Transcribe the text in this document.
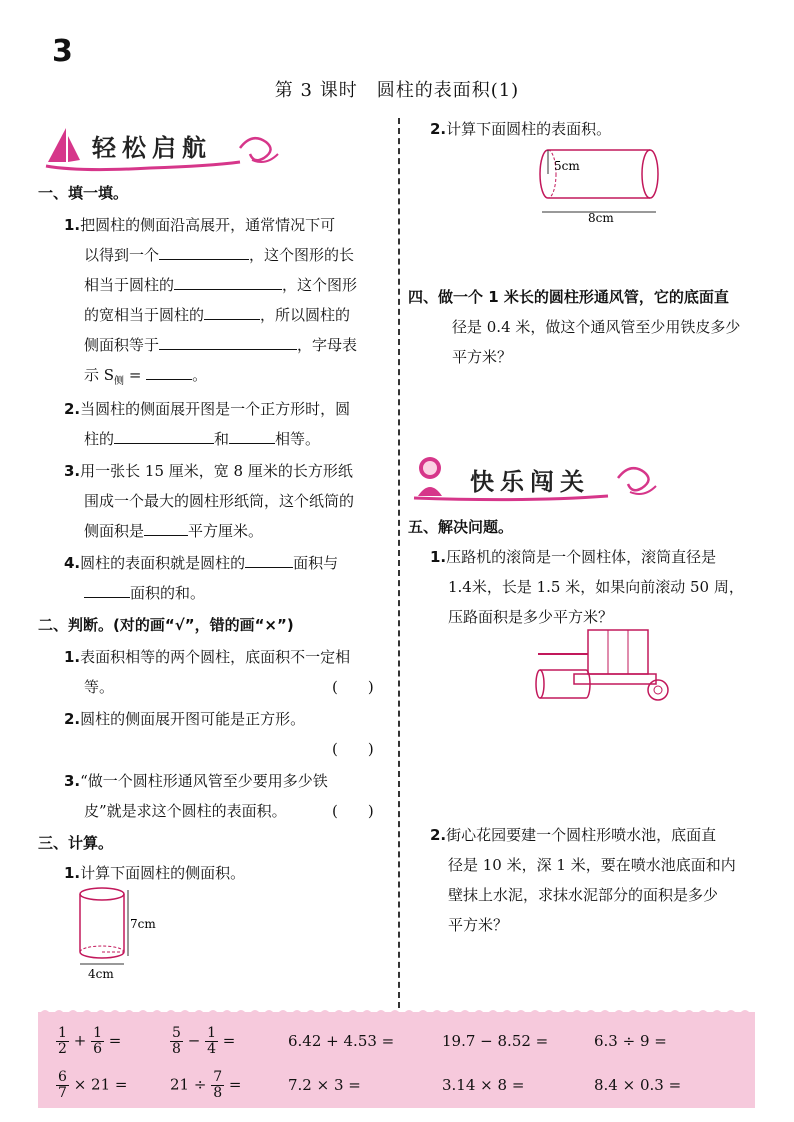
3
第 3 课时　圆柱的表面积(1)
轻松启航
一、填一填。
1.把圆柱的侧面沿高展开，通常情况下可
以得到一个	，这个图形的长
相当于圆柱的	，这个图形
的宽相当于圆柱的	，所以圆柱的
侧面积等于	，字母表
示 $S_侧$ =	。
2.当圆柱的侧面展开图是一个正方形时，圆
柱的	和	相等。
3.用一张长 15 厘米，宽 8 厘米的长方形纸
围成一个最大的圆柱形纸筒，这个纸筒的
侧面积是	平方厘米。
4.圆柱的表面积就是圆柱的	面积与
面积的和。
二、判断。(对的画“√”，错的画“×”)
1.表面积相等的两个圆柱，底面积不一定相
等。	(　　)
2.圆柱的侧面展开图可能是正方形。
(　　)
3.“做一个圆柱形通风管至少要用多少铁
皮”就是求这个圆柱的表面积。	(　　)
三、计算。
1.计算下面圆柱的侧面积。
7cm
4cm
2.计算下面圆柱的表面积。
四、做一个 1 米长的圆柱形通风管，它的底面直
径是 0.4 米，做这个通风管至少用铁皮多少
平方米？
五、解决问题。
1.压路机的滚筒是一个圆柱体，滚筒直径是
1.4米，长是 1.5 米，如果向前滚动 50 周，
压路面积是多少平方米？
2.街心花园要建一个圆柱形喷水池，底面直
径是 10 米，深 1 米，要在喷水池底面和内
壁抹上水泥，求抹水泥部分的面积是多少
平方米？
5cm
8cm
快乐闯关
$\frac{1}{2} + \frac{1}{6}$ =	$\frac{5}{8} - \frac{1}{4}$ =	6.42 + 4.53 =	19.7 − 8.52 =	6.3 ÷ 9 =
$\frac{6}{7} \times 21$ =	$21 \div \frac{7}{8}$ =	7.2 × 3 =	3.14 × 8 =	8.4 × 0.3 =
